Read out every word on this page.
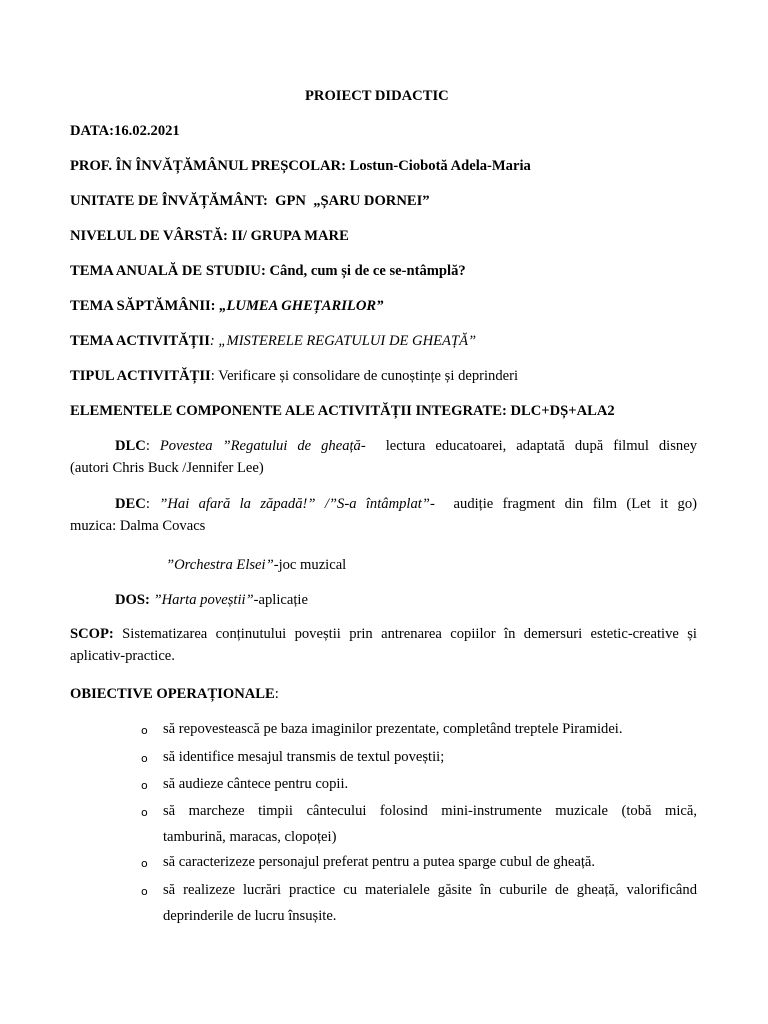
PROIECT DIDACTIC
DATA:16.02.2021
PROF. ÎN ÎNVĂȚĂMÂNUL PREȘCOLAR: Lostun-Ciobotă Adela-Maria
UNITATE DE ÎNVĂȚĂMÂNT:  GPN  „ȘARU DORNEI”
NIVELUL DE VÂRSTĂ: II/ GRUPA MARE
TEMA ANUALĂ DE STUDIU: Când, cum și de ce se-ntâmplă?
TEMA SĂPTĂMÂNII: „LUMEA GHEȚARILOR”
TEMA ACTIVITĂȚII: „MISTERELE REGATULUI DE GHEAȚĂ”
TIPUL ACTIVITĂȚII: Verificare și consolidare de cunoștințe și deprinderi
ELEMENTELE COMPONENTE ALE ACTIVITĂȚII INTEGRATE: DLC+DȘ+ALA2
DLC: Povestea ”Regatului de gheață-  lectura educatoarei, adaptată după filmul disney
(autori Chris Buck /Jennifer Lee)
DEC: ”Hai afară la zăpadă!” /”S-a întâmplat”-  audiție fragment din film (Let it go)
muzica: Dalma Covacs
”Orchestra Elsei”-joc muzical
DOS: ”Harta poveștii”-aplicație
SCOP: Sistematizarea conținutului poveștii prin antrenarea copiilor în demersuri estetic-creative și
aplicativ-practice.
OBIECTIVE OPERAȚIONALE:
o să repovestească pe baza imaginilor prezentate, completând treptele Piramidei.
o să identifice mesajul transmis de textul poveștii;
o să audieze cântece pentru copii.
o să marcheze timpii cântecului folosind mini-instrumente muzicale (tobă mică,
tamburină, maracas, clopoței)
o să caracterizeze personajul preferat pentru a putea sparge cubul de gheață.
o să realizeze lucrări practice cu materialele găsite în cuburile de gheață, valorificând
deprinderile de lucru însușite.
